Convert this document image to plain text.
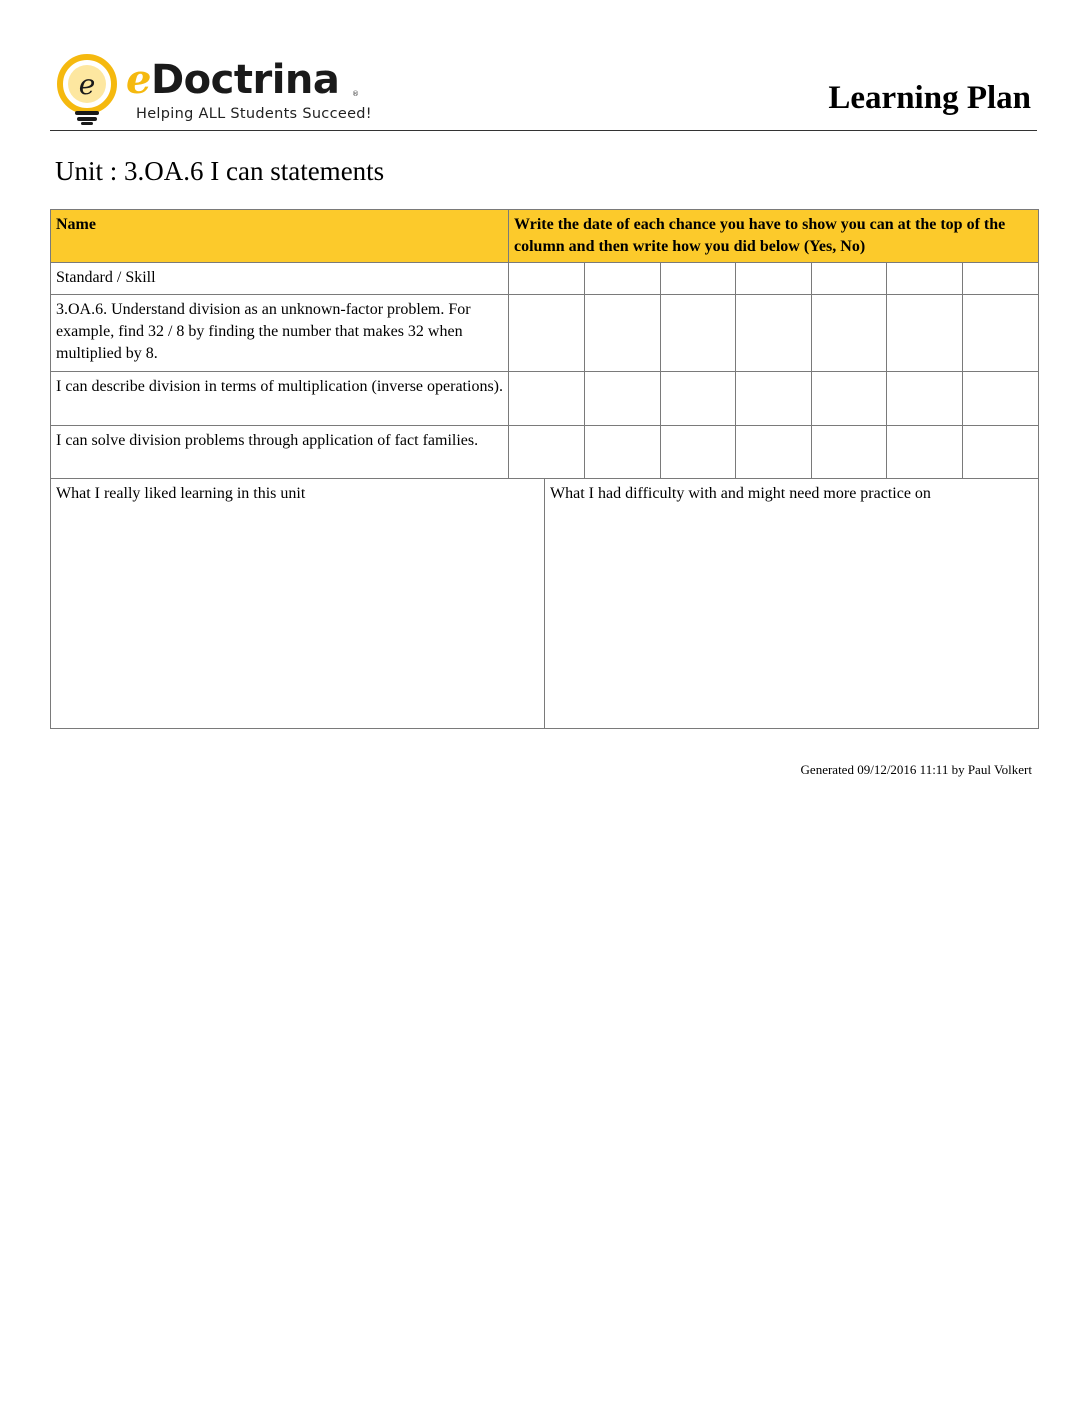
e eDoctrina ®
Helping ALL Students Succeed!	Learning Plan
Unit : 3.OA.6 I can statements
Name	Write the date of each chance you have to show you can at the top of the column and then write how you did below (Yes, No)						
Standard / Skill							
3.OA.6. Understand division as an unknown-factor problem. For example, find 32 / 8 by finding the number that makes 32 when multiplied by 8.							
I can describe division in terms of multiplication (inverse operations).							
I can solve division problems through application of fact families.							
What I really liked learning in this unit	What I had difficulty with and might need more practice on
Generated 09/12/2016 11:11 by Paul Volkert
